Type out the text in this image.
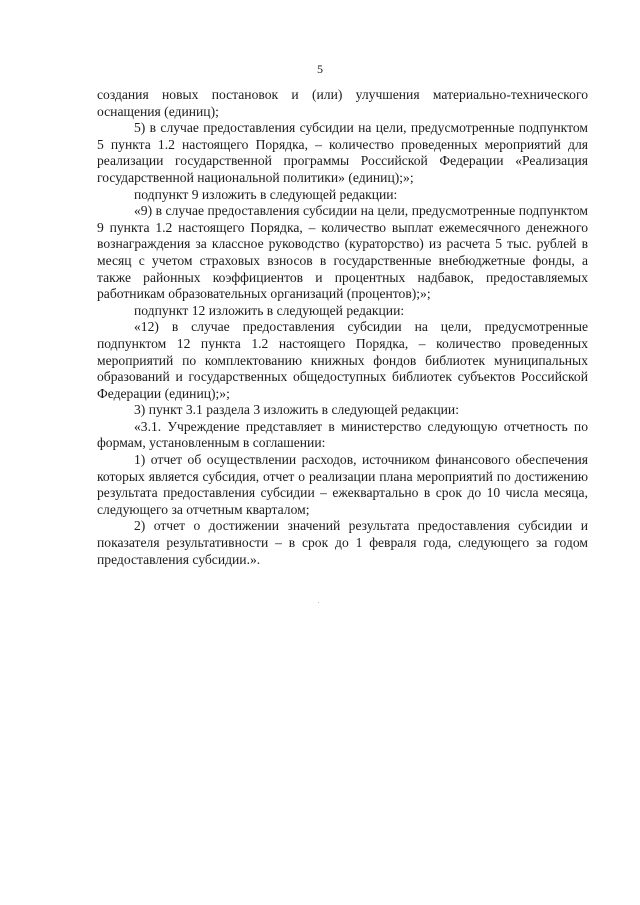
5

создания новых постановок и (или) улучшения материально-технического оснащения (единиц);

5) в случае предоставления субсидии на цели, предусмотренные подпунктом 5 пункта 1.2 настоящего Порядка, – количество проведенных мероприятий для реализации государственной программы Российской Федерации «Реализация государственной национальной политики» (единиц);»;

подпункт 9 изложить в следующей редакции:

«9) в случае предоставления субсидии на цели, предусмотренные подпунктом 9 пункта 1.2 настоящего Порядка, – количество выплат ежемесячного денежного вознаграждения за классное руководство (кураторство) из расчета 5 тыс. рублей в месяц с учетом страховых взносов в государственные внебюджетные фонды, а также районных коэффициентов и процентных надбавок, предоставляемых работникам образовательных организаций (процентов);»;

подпункт 12 изложить в следующей редакции:

«12) в случае предоставления субсидии на цели, предусмотренные подпунктом 12 пункта 1.2 настоящего Порядка, – количество проведенных мероприятий по комплектованию книжных фондов библиотек муниципальных образований и государственных общедоступных библиотек субъектов Российской Федерации (единиц);»;

3) пункт 3.1 раздела 3 изложить в следующей редакции:

«3.1. Учреждение представляет в министерство следующую отчетность по формам, установленным в соглашении:

1) отчет об осуществлении расходов, источником финансового обеспечения которых является субсидия, отчет о реализации плана мероприятий по достижению результата предоставления субсидии – ежеквартально в срок до 10 числа месяца, следующего за отчетным кварталом;

2) отчет о достижении значений результата предоставления субсидии и показателя результативности – в срок до 1 февраля года, следующего за годом предоставления субсидии.».
